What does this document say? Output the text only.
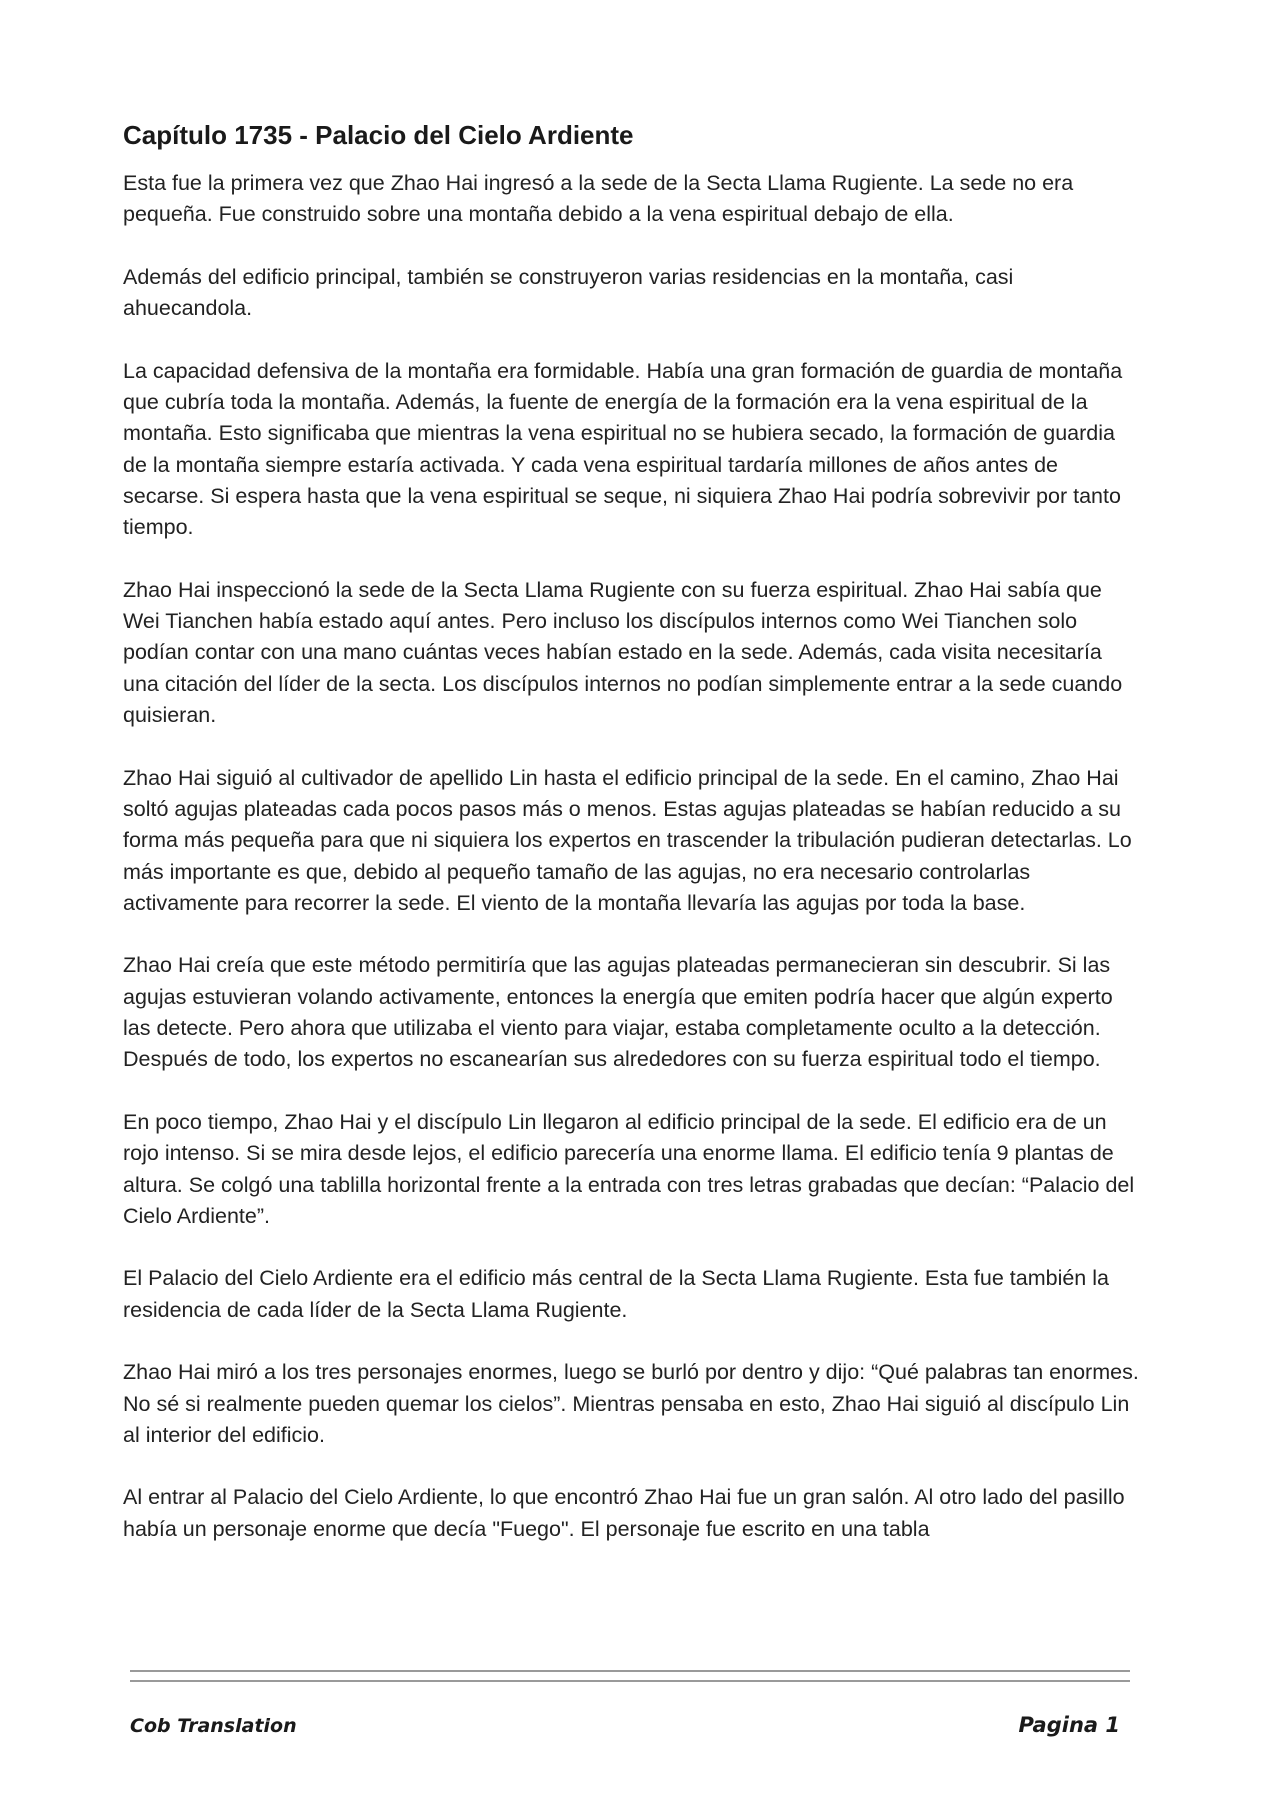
Capítulo 1735 - Palacio del Cielo Ardiente

Esta fue la primera vez que Zhao Hai ingresó a la sede de la Secta Llama Rugiente. La sede no era pequeña. Fue construido sobre una montaña debido a la vena espiritual debajo de ella.

Además del edificio principal, también se construyeron varias residencias en la montaña, casi ahuecandola.

La capacidad defensiva de la montaña era formidable. Había una gran formación de guardia de montaña que cubría toda la montaña. Además, la fuente de energía de la formación era la vena espiritual de la montaña. Esto significaba que mientras la vena espiritual no se hubiera secado, la formación de guardia de la montaña siempre estaría activada. Y cada vena espiritual tardaría millones de años antes de secarse. Si espera hasta que la vena espiritual se seque, ni siquiera Zhao Hai podría sobrevivir por tanto tiempo.

Zhao Hai inspeccionó la sede de la Secta Llama Rugiente con su fuerza espiritual. Zhao Hai sabía que Wei Tianchen había estado aquí antes. Pero incluso los discípulos internos como Wei Tianchen solo podían contar con una mano cuántas veces habían estado en la sede. Además, cada visita necesitaría una citación del líder de la secta. Los discípulos internos no podían simplemente entrar a la sede cuando quisieran.

Zhao Hai siguió al cultivador de apellido Lin hasta el edificio principal de la sede. En el camino, Zhao Hai soltó agujas plateadas cada pocos pasos más o menos. Estas agujas plateadas se habían reducido a su forma más pequeña para que ni siquiera los expertos en trascender la tribulación pudieran detectarlas. Lo más importante es que, debido al pequeño tamaño de las agujas, no era necesario controlarlas activamente para recorrer la sede. El viento de la montaña llevaría las agujas por toda la base.

Zhao Hai creía que este método permitiría que las agujas plateadas permanecieran sin descubrir. Si las agujas estuvieran volando activamente, entonces la energía que emiten podría hacer que algún experto las detecte. Pero ahora que utilizaba el viento para viajar, estaba completamente oculto a la detección. Después de todo, los expertos no escanearían sus alrededores con su fuerza espiritual todo el tiempo.

En poco tiempo, Zhao Hai y el discípulo Lin llegaron al edificio principal de la sede. El edificio era de un rojo intenso. Si se mira desde lejos, el edificio parecería una enorme llama. El edificio tenía 9 plantas de altura. Se colgó una tablilla horizontal frente a la entrada con tres letras grabadas que decían: “Palacio del Cielo Ardiente”.

El Palacio del Cielo Ardiente era el edificio más central de la Secta Llama Rugiente. Esta fue también la residencia de cada líder de la Secta Llama Rugiente.

Zhao Hai miró a los tres personajes enormes, luego se burló por dentro y dijo: “Qué palabras tan enormes. No sé si realmente pueden quemar los cielos”. Mientras pensaba en esto, Zhao Hai siguió al discípulo Lin al interior del edificio.

Al entrar al Palacio del Cielo Ardiente, lo que encontró Zhao Hai fue un gran salón. Al otro lado del pasillo había un personaje enorme que decía "Fuego". El personaje fue escrito en una tabla

Cob Translation	Pagina 1
